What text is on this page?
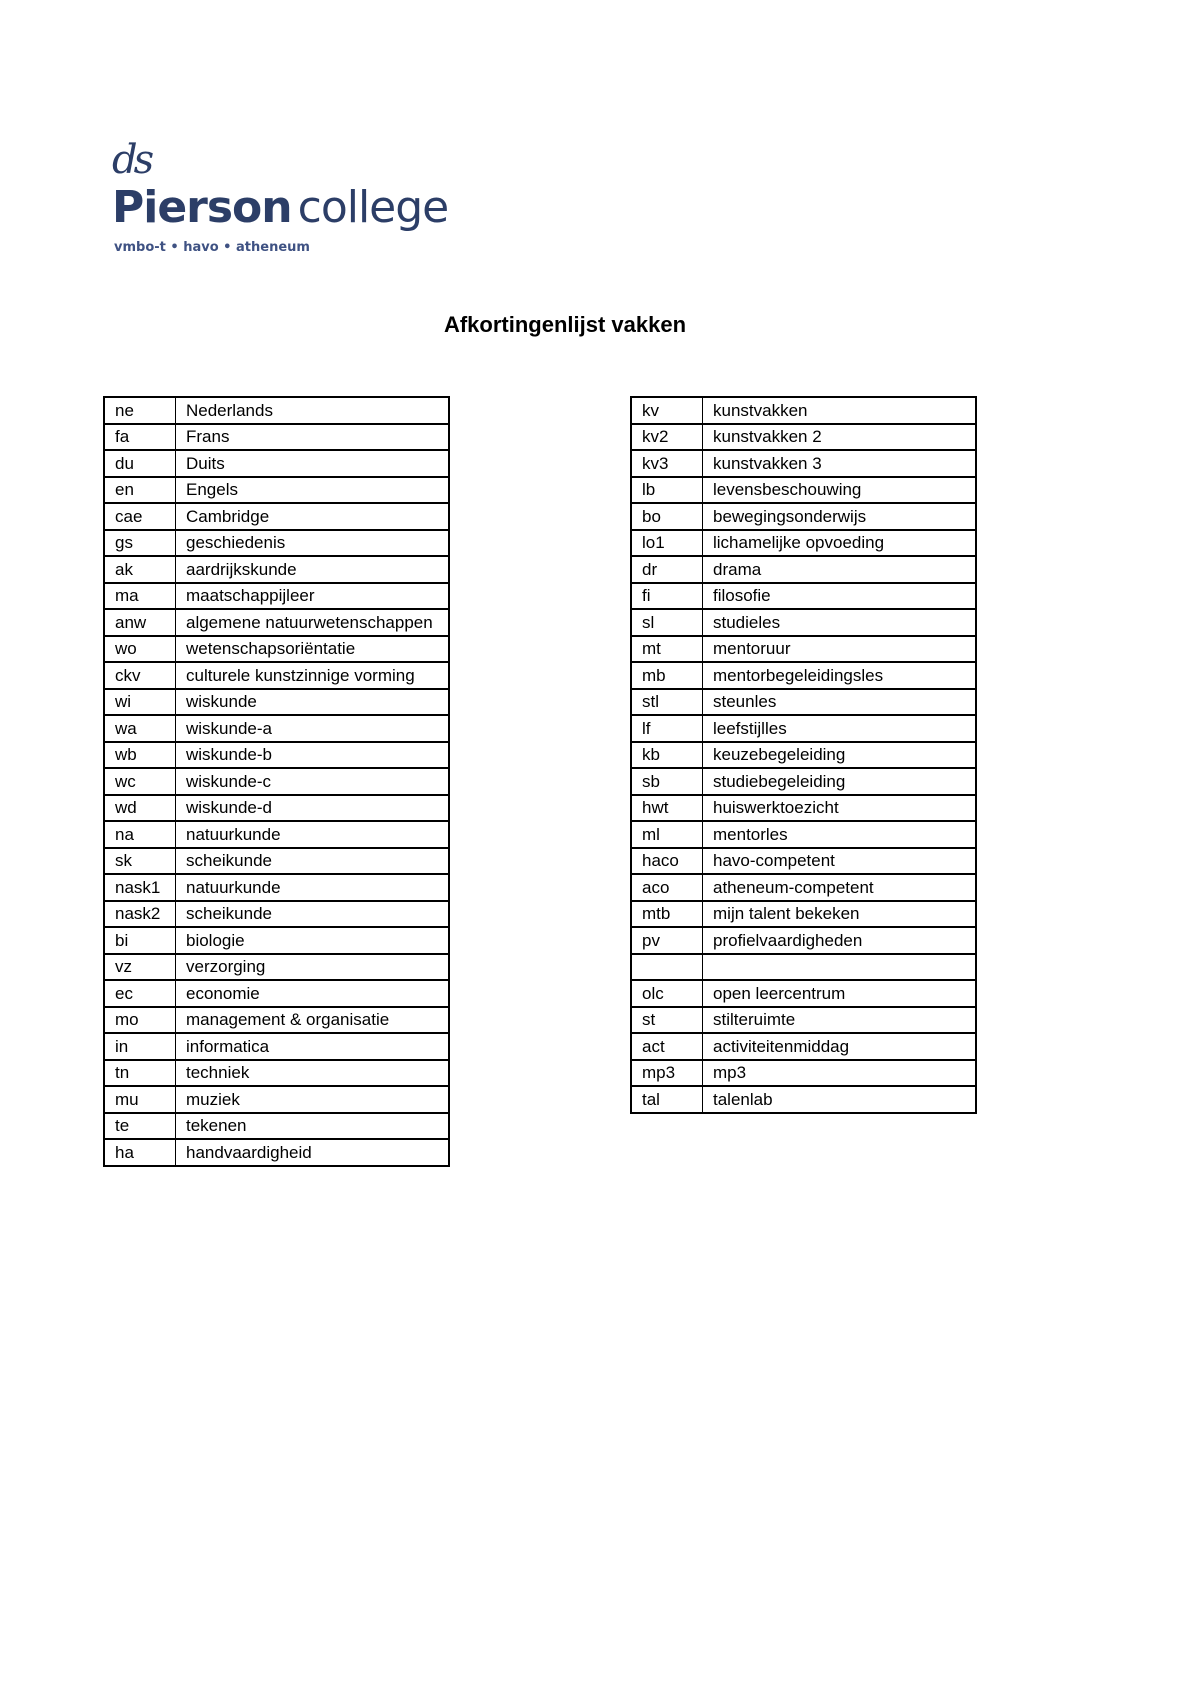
ds
Pierson college
vmbo-t • havo • atheneum
Afkortingenlijst vakken
ne	Nederlands
fa	Frans
du	Duits
en	Engels
cae	Cambridge
gs	geschiedenis
ak	aardrijkskunde
ma	maatschappijleer
anw	algemene natuurwetenschappen
wo	wetenschapsoriëntatie
ckv	culturele kunstzinnige vorming
wi	wiskunde
wa	wiskunde-a
wb	wiskunde-b
wc	wiskunde-c
wd	wiskunde-d
na	natuurkunde
sk	scheikunde
nask1	natuurkunde
nask2	scheikunde
bi	biologie
vz	verzorging
ec	economie
mo	management & organisatie
in	informatica
tn	techniek
mu	muziek
te	tekenen
ha	handvaardigheid
kv	kunstvakken
kv2	kunstvakken 2
kv3	kunstvakken 3
lb	levensbeschouwing
bo	bewegingsonderwijs
lo1	lichamelijke opvoeding
dr	drama
fi	filosofie
sl	studieles
mt	mentoruur
mb	mentorbegeleidingsles
stl	steunles
lf	leefstijlles
kb	keuzebegeleiding
sb	studiebegeleiding
hwt	huiswerktoezicht
ml	mentorles
haco	havo-competent
aco	atheneum-competent
mtb	mijn talent bekeken
pv	profielvaardigheden

olc	open leercentrum
st	stilteruimte
act	activiteitenmiddag
mp3	mp3
tal	talenlab
